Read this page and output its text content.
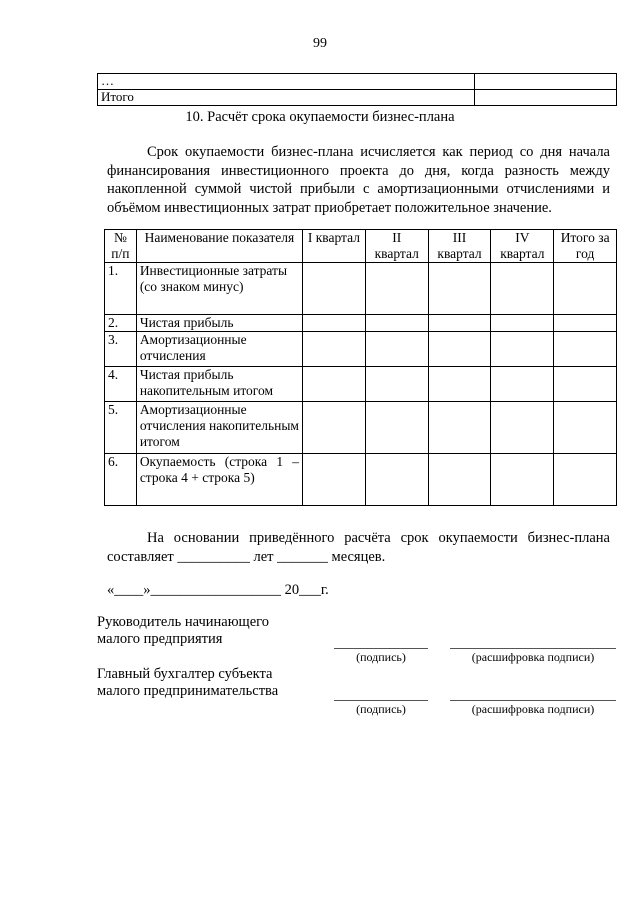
99
…	
Итого	
10. Расчёт срока окупаемости бизнес-плана
Срок окупаемости бизнес-плана исчисляется как период со дня начала финансирования инвестиционного проекта до дня, когда разность между накопленной суммой чистой прибыли с амортизационными отчислениями и объёмом инвестиционных затрат приобретает положительное значение.
№ п/п	Наименование показателя	I квартал	II квартал	III квартал	IV квартал	Итого за год
1.	Инвестиционные затраты (со знаком минус)					
2.	Чистая прибыль					
3.	Амортизационные отчисления					
4.	Чистая прибыль накопительным итогом					
5.	Амортизационные отчисления накопительным итогом					
6.	Окупаемость (строка 1 – строка 4 + строка 5)					
На основании приведённого расчёта срок окупаемости бизнес-плана составляет __________ лет _______ месяцев.
«____»__________________ 20___г.
Руководитель начинающего малого предприятия
(подпись)	(расшифровка подписи)
Главный бухгалтер субъекта малого предпринимательства
(подпись)	(расшифровка подписи)
